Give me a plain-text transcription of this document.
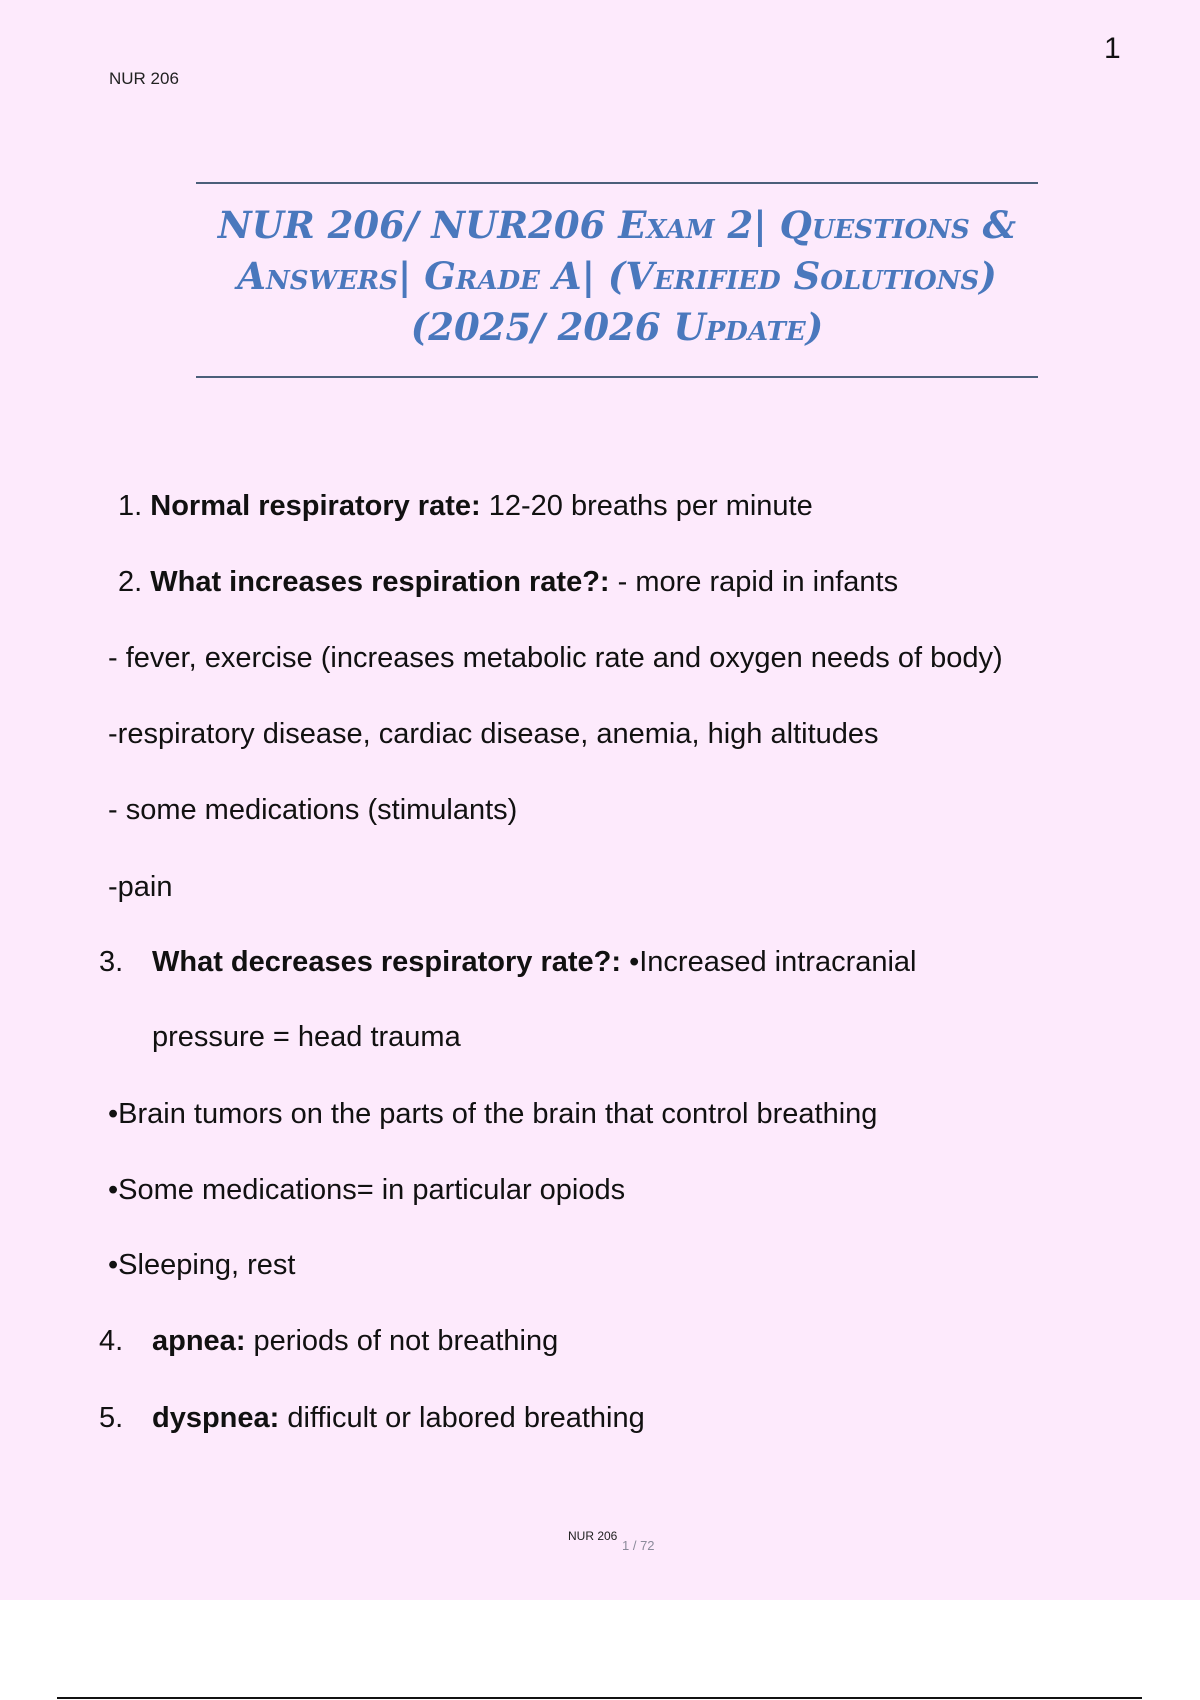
NUR 206
1
NUR 206/ NUR206 Exam 2| Questions &
Answers| Grade A| (Verified Solutions)
(2025/ 2026 Update)
1. Normal respiratory rate: 12-20 breaths per minute
2. What increases respiration rate?: - more rapid in infants
- fever, exercise (increases metabolic rate and oxygen needs of body)
-respiratory disease, cardiac disease, anemia, high altitudes
- some medications (stimulants)
-pain
3. What decreases respiratory rate?: •Increased intracranial
pressure = head trauma
•Brain tumors on the parts of the brain that control breathing
•Some medications= in particular opiods
•Sleeping, rest
4. apnea: periods of not breathing
5. dyspnea: difficult or labored breathing
NUR 206
1 / 72
